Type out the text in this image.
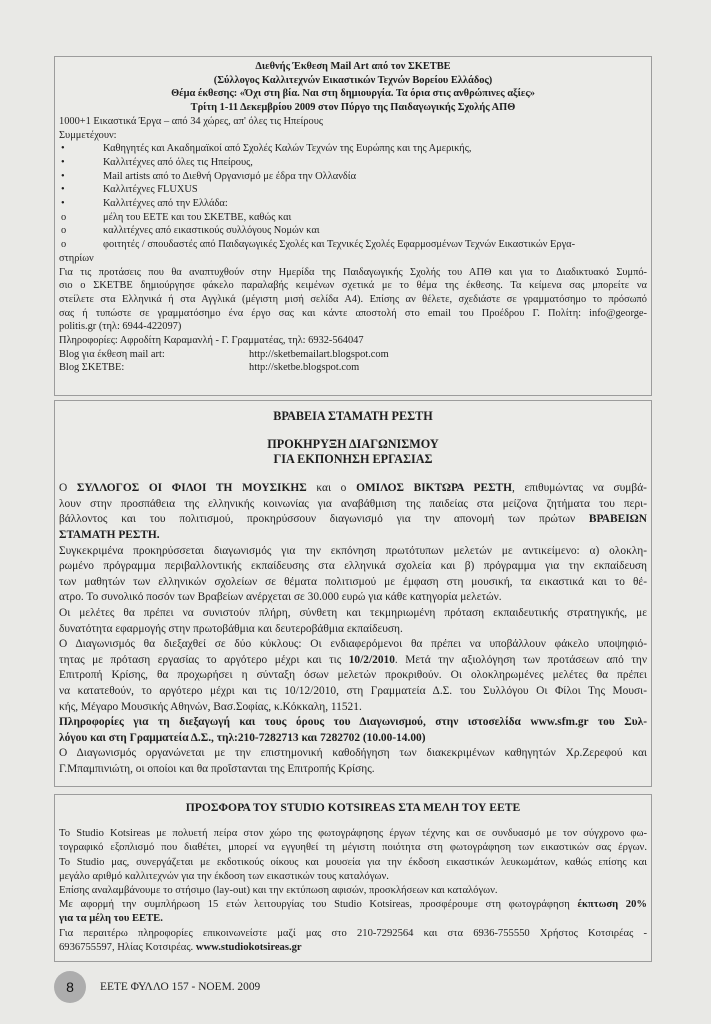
Διεθνής Έκθεση Mail Art από τον ΣΚΕΤΒΕ
(Σύλλογος Καλλιτεχνών Εικαστικών Τεχνών Βορείου Ελλάδος)
Θέμα έκθεσης: «Όχι στη βία. Ναι στη δημιουργία. Τα όρια στις ανθρώπινες αξίες»
Τρίτη 1-11 Δεκεμβρίου 2009 στον Πύργο της Παιδαγωγικής Σχολής ΑΠΘ
1000+1 Εικαστικά Έργα – από 34 χώρες, απ' όλες τις Ηπείρους
Συμμετέχουν:
•	Καθηγητές και Ακαδημαϊκοί από Σχολές Καλών Τεχνών της Ευρώπης και της Αμερικής,
•	Καλλιτέχνες από όλες τις Ηπείρους,
•	Mail artists από το Διεθνή Οργανισμό με έδρα την Ολλανδία
•	Καλλιτέχνες FLUXUS
•	Καλλιτέχνες από την Ελλάδα:
o	μέλη του ΕΕΤΕ και του ΣΚΕΤΒΕ, καθώς και
o	καλλιτέχνες από εικαστικούς συλλόγους Νομών και
o	φοιτητές / σπουδαστές από Παιδαγωγικές Σχολές και Τεχνικές Σχολές Εφαρμοσμένων Τεχνών Εικαστικών Εργα-
στηρίων
Για τις προτάσεις που θα αναπτυχθούν στην Ημερίδα της Παιδαγωγικής Σχολής του ΑΠΘ και για το Διαδικτυακό Συμπό-
σιο ο ΣΚΕΤΒΕ δημιούργησε φάκελο παραλαβής κειμένων σχετικά με το θέμα της έκθεσης. Τα κείμενα σας μπορείτε να
στείλετε στα Ελληνικά ή στα Αγγλικά (μέγιστη μισή σελίδα Α4). Επίσης αν θέλετε, σχεδιάστε σε γραμματόσημο το πρόσωπό
σας ή τυπώστε σε γραμματόσημο ένα έργο σας και κάντε αποστολή στο email του Προέδρου Γ. Πολίτη: info@george-
politis.gr (τηλ: 6944-422097)
Πληροφορίες: Αφροδίτη Καραμανλή - Γ. Γραμματέας, τηλ: 6932-564047
Blog για έκθεση mail art:	http://sketbemailart.blogspot.com
Blog ΣΚΕΤΒΕ:	http://sketbe.blogspot.com
ΒΡΑΒΕΙΑ ΣΤΑΜΑΤΗ ΡΕΣΤΗ
ΠΡΟΚΗΡΥΞΗ ΔΙΑΓΩΝΙΣΜΟΥ
ΓΙΑ ΕΚΠΟΝΗΣΗ ΕΡΓΑΣΙΑΣ
Ο ΣΥΛΛΟΓΟΣ ΟΙ ΦΙΛΟΙ ΤΗ ΜΟΥΣΙΚΗΣ και ο ΟΜΙΛΟΣ ΒΙΚΤΩΡΑ ΡΕΣΤΗ, επιθυμώντας να συμβά-
λουν στην προσπάθεια της ελληνικής κοινωνίας για αναβάθμιση της παιδείας στα μείζονα ζητήματα του περι-
βάλλοντος και του πολιτισμού, προκηρύσσουν διαγωνισμό για την απονομή των πρώτων ΒΡΑΒΕΙΩΝ
ΣΤΑΜΑΤΗ ΡΕΣΤΗ.
Συγκεκριμένα προκηρύσσεται διαγωνισμός για την εκπόνηση πρωτότυπων μελετών με αντικείμενο: α) ολοκλη-
ρωμένο πρόγραμμα περιβαλλοντικής εκπαίδευσης στα ελληνικά σχολεία και β) πρόγραμμα για την εκπαίδευση
των μαθητών των ελληνικών σχολείων σε θέματα πολιτισμού με έμφαση στη μουσική, τα εικαστικά και το θέ-
ατρο. Το συνολικό ποσόν των Βραβείων ανέρχεται σε 30.000 ευρώ για κάθε κατηγορία μελετών.
Οι μελέτες θα πρέπει να συνιστούν πλήρη, σύνθετη και τεκμηριωμένη πρόταση εκπαιδευτικής στρατηγικής, με
δυνατότητα εφαρμογής στην πρωτοβάθμια και δευτεροβάθμια εκπαίδευση.
Ο Διαγωνισμός θα διεξαχθεί σε δύο κύκλους: Οι ενδιαφερόμενοι θα πρέπει να υποβάλλουν φάκελο υποψηφιό-
τητας με πρόταση εργασίας το αργότερο μέχρι και τις 10/2/2010. Μετά την αξιολόγηση των προτάσεων από την
Επιτροπή Κρίσης, θα προχωρήσει η σύνταξη όσων μελετών προκριθούν. Οι ολοκληρωμένες μελέτες θα πρέπει
να κατατεθούν, το αργότερο μέχρι και τις 10/12/2010, στη Γραμματεία Δ.Σ. του Συλλόγου Οι Φίλοι Της Μουσι-
κής, Μέγαρο Μουσικής Αθηνών, Βασ.Σοφίας, κ.Κόκκαλη, 11521.
Πληροφορίες για τη διεξαγωγή και τους όρους του Διαγωνισμού, στην ιστοσελίδα www.sfm.gr του Συλ-
λόγου και στη Γραμματεία Δ.Σ., τηλ:210-7282713 και 7282702 (10.00-14.00)
Ο Διαγωνισμός οργανώνεται με την επιστημονική καθοδήγηση των διακεκριμένων καθηγητών Χρ.Ζερεφού και
Γ.Μπαμπινιώτη, οι οποίοι και θα προΐστανται της Επιτροπής Κρίσης.
ΠΡΟΣΦΟΡΑ ΤΟΥ STUDIO KOTSIREAS ΣΤΑ ΜΕΛΗ ΤΟΥ ΕΕΤΕ
Το Studio Kotsireas με πολυετή πείρα στον χώρο της φωτογράφησης έργων τέχνης και σε συνδυασμό με τον σύγχρονο φω-
τογραφικό εξοπλισμό που διαθέτει, μπορεί να εγγυηθεί τη μέγιστη ποιότητα στη φωτογράφηση των εικαστικών σας έργων.
Το Studio μας, συνεργάζεται με εκδοτικούς οίκους και μουσεία για την έκδοση εικαστικών λευκωμάτων, καθώς επίσης και
μεγάλο αριθμό καλλιτεχνών για την έκδοση των εικαστικών τους καταλόγων.
Επίσης αναλαμβάνουμε το στήσιμο (lay-out) και την εκτύπωση αφισών, προσκλήσεων και καταλόγων.
Με αφορμή την συμπλήρωση 15 ετών λειτουργίας του Studio Kotsireas, προσφέρουμε στη φωτογράφηση έκπτωση 20%
για τα μέλη του ΕΕΤΕ.
Για περαιτέρω πληροφορίες επικοινωνείστε μαζί μας στο 210-7292564 και στα 6936-755550 Χρήστος Κοτσιρέας -
6936755597, Ηλίας Κοτσιρέας. www.studiokotsireas.gr
8	ΕΕΤΕ ΦΥΛΛΟ 157 - ΝΟΕΜ. 2009
